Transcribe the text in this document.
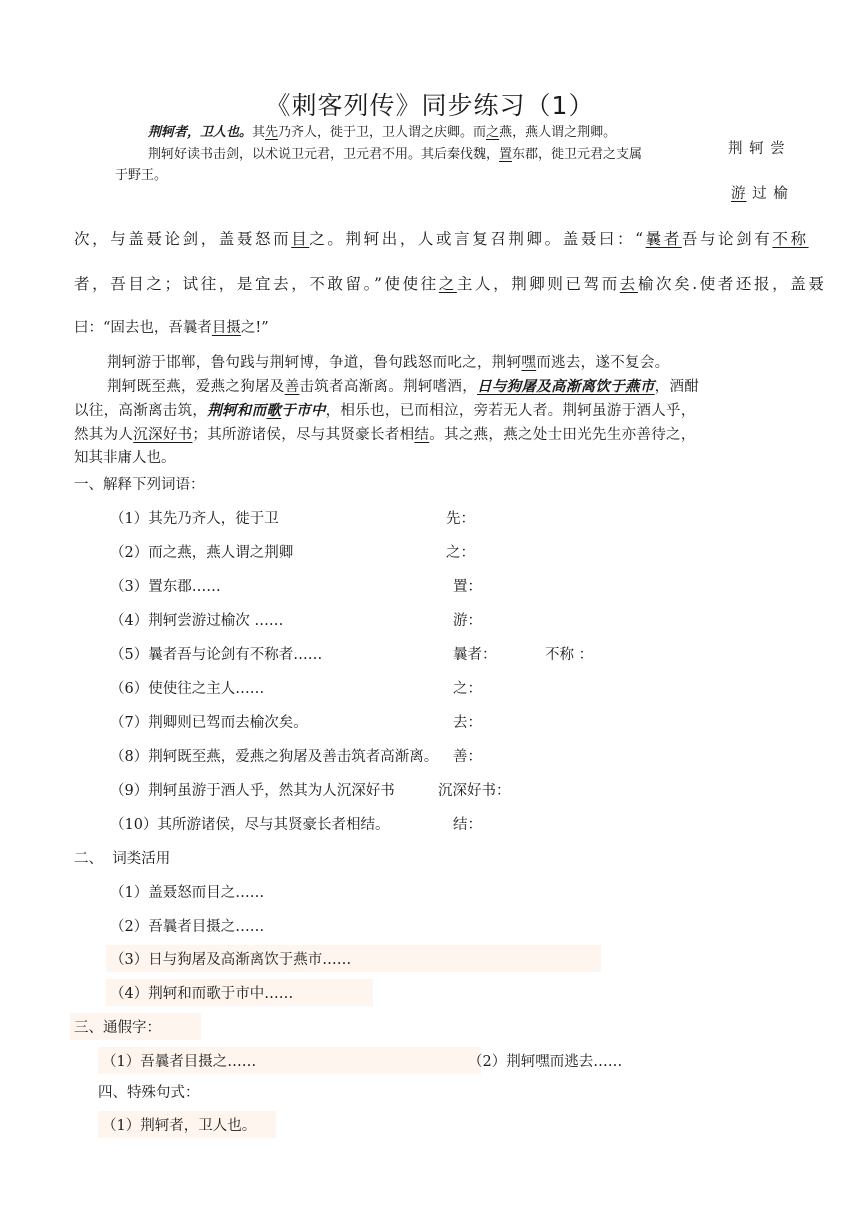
《刺客列传》同步练习（1）
荆轲者，卫人也。其先乃齐人，徙于卫，卫人谓之庆卿。而之燕，燕人谓之荆卿。
荆轲好读书击剑，以术说卫元君，卫元君不用。其后秦伐魏，置东郡，徙卫元君之支属
于野王。
荆 轲 尝
游 过 榆
次，与盖聂论剑，盖聂怒而目之。荆轲出，人或言复召荆卿。盖聂曰：“曩者吾与论剑有不称
者，吾目之；试往，是宜去，不敢留。”使使往之主人，荆卿则已驾而去榆次矣.使者还报，盖聂
曰：“固去也，吾曩者目摄之!”
荆轲游于邯郸，鲁句践与荆轲博，争道，鲁句践怒而叱之，荆轲嘿而逃去，遂不复会。
荆轲既至燕，爱燕之狗屠及善击筑者高渐离。荆轲嗜酒，日与狗屠及高渐离饮于燕市，酒酣
以往，高渐离击筑，荆轲和而歌于市中，相乐也，已而相泣，旁若无人者。荆轲虽游于酒人乎，
然其为人沉深好书；其所游诸侯，尽与其贤豪长者相结。其之燕，燕之处士田光先生亦善待之，
知其非庸人也。
一、解释下列词语：
（1）其先乃齐人，徙于卫	先：
（2）而之燕，燕人谓之荆卿	之：
（3）置东郡……	置：
（4）荆轲尝游过榆次 ……	游：
（5）曩者吾与论剑有不称者……	曩者：	不称 ：
（6）使使往之主人……	之：
（7）荆卿则已驾而去榆次矣。	去：
（8）荆轲既至燕，爱燕之狗屠及善击筑者高渐离。 善：
（9）荆轲虽游于酒人乎，然其为人沉深好书	沉深好书：
（10）其所游诸侯，尽与其贤豪长者相结。	结：
二、  词类活用
（1）盖聂怒而目之……
（2）吾曩者目摄之……
（3）日与狗屠及高渐离饮于燕市……
（4）荆轲和而歌于市中……
三、通假字：
（1）吾曩者目摄之……	（2）荆轲嘿而逃去……
四、特殊句式：
（1）荆轲者，卫人也。
